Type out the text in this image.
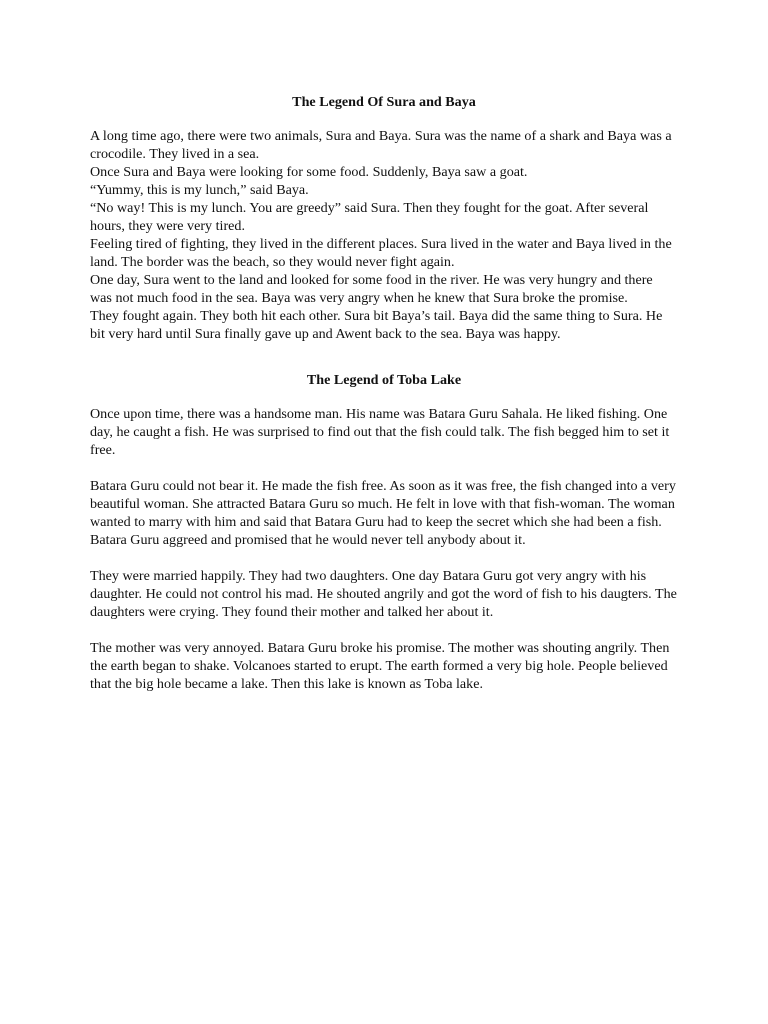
The Legend Of Sura and Baya

A long time ago, there were two animals, Sura and Baya. Sura was the name of a shark and Baya was a crocodile. They lived in a sea.

Once Sura and Baya were looking for some food. Suddenly, Baya saw a goat.

“Yummy, this is my lunch,” said Baya.

“No way! This is my lunch. You are greedy” said Sura. Then they fought for the goat. After several hours, they were very tired.

Feeling tired of fighting, they lived in the different places. Sura lived in the water and Baya lived in the land. The border was the beach, so they would never fight again.

One day, Sura went to the land and looked for some food in the river. He was very hungry and there was not much food in the sea. Baya was very angry when he knew that Sura broke the promise.

They fought again. They both hit each other. Sura bit Baya’s tail. Baya did the same thing to Sura. He bit very hard until Sura finally gave up and Awent back to the sea. Baya was happy.

The Legend of Toba Lake

Once upon time, there was a handsome man. His name was Batara Guru Sahala. He liked fishing. One day, he caught a fish. He was surprised to find out that the fish could talk. The fish begged him to set it free.

Batara Guru could not bear it. He made the fish free. As soon as it was free, the fish changed into a very beautiful woman. She attracted Batara Guru so much. He felt in love with that fish-woman. The woman wanted to marry with him and said that Batara Guru had to keep the secret which she had been a fish. Batara Guru aggreed and promised that he would never tell anybody about it.

They were married happily. They had two daughters. One day Batara Guru got very angry with his daughter. He could not control his mad. He shouted angrily and got the word of fish to his daugters. The daughters were crying. They found their mother and talked her about it.

The mother was very annoyed. Batara Guru broke his promise. The mother was shouting angrily. Then the earth began to shake. Volcanoes started to erupt. The earth formed a very big hole. People believed that the big hole became a lake. Then this lake is known as Toba lake.
